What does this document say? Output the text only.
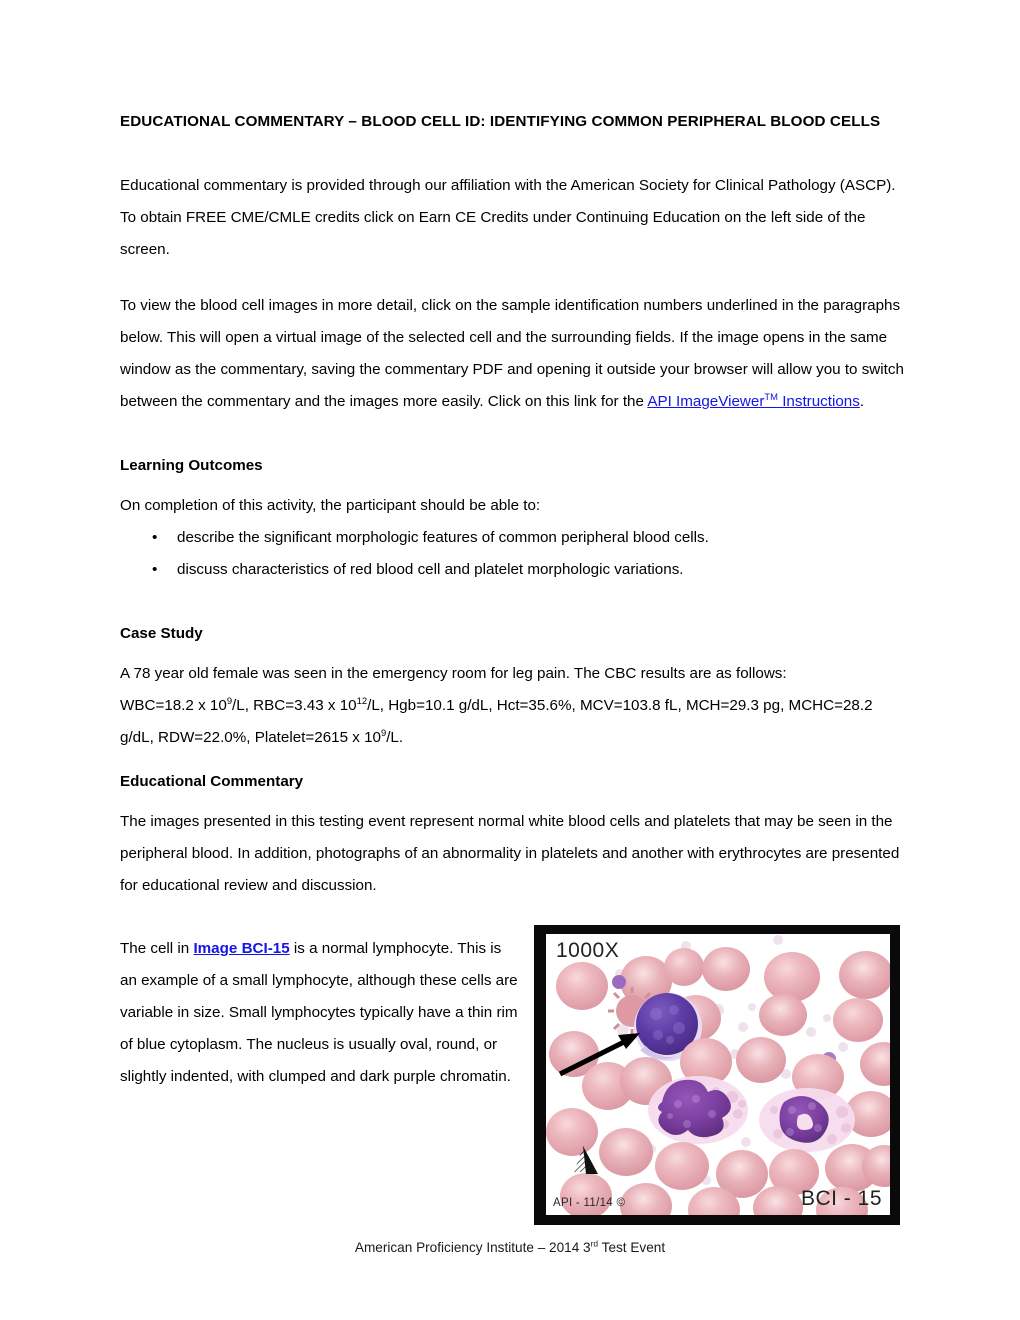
EDUCATIONAL COMMENTARY – BLOOD CELL ID: IDENTIFYING COMMON PERIPHERAL BLOOD CELLS

Educational commentary is provided through our affiliation with the American Society for Clinical Pathology (ASCP). To obtain FREE CME/CMLE credits click on Earn CE Credits under Continuing Education on the left side of the screen.

To view the blood cell images in more detail, click on the sample identification numbers underlined in the paragraphs below. This will open a virtual image of the selected cell and the surrounding fields. If the image opens in the same window as the commentary, saving the commentary PDF and opening it outside your browser will allow you to switch between the commentary and the images more easily. Click on this link for the API ImageViewer™ Instructions.

Learning Outcomes

On completion of this activity, the participant should be able to:

• describe the significant morphologic features of common peripheral blood cells.
• discuss characteristics of red blood cell and platelet morphologic variations.
Case Study

A 78 year old female was seen in the emergency room for leg pain. The CBC results are as follows:

WBC=18.2 x $10^9/L$, RBC=3.43 x $10^{12}/L$, Hgb=10.1 g/dL, Hct=35.6%, MCV=103.8 fL, MCH=29.3 pg, MCHC=28.2 g/dL, RDW=22.0%, Platelet=2615 x $10^9/L$.

Educational Commentary

The images presented in this testing event represent normal white blood cells and platelets that may be seen in the peripheral blood. In addition, photographs of an abnormality in platelets and another with erythrocytes are presented for educational review and discussion.

The cell in Image BCI-15 is a normal lymphocyte. This is an example of a small lymphocyte, although these cells are variable in size. Small lymphocytes typically have a thin rim of blue cytoplasm. The nucleus is usually oval, round, or slightly indented, with clumped and dark purple chromatin.

1000X
BCI - 15
API - 11/14 ©
American Proficiency Institute – 2014 3rd Test Event
